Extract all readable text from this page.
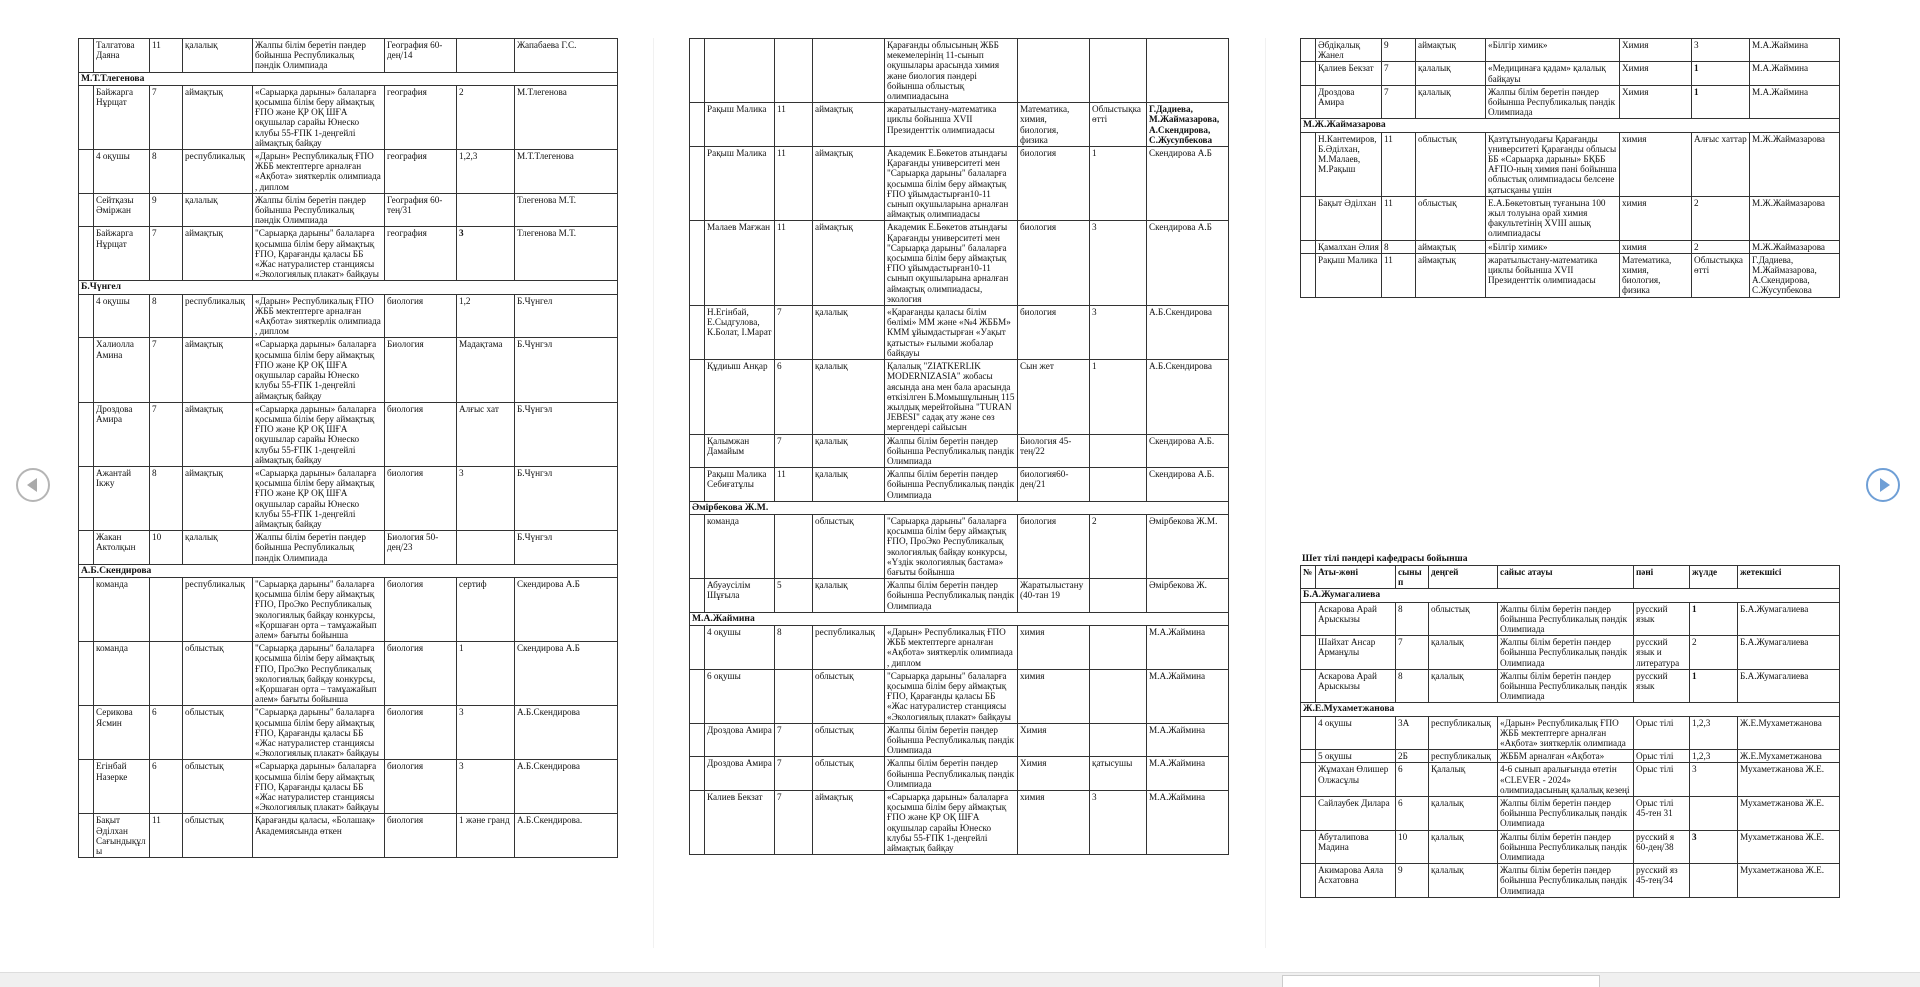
	Талгатова Даяна	11	қалалық	Жалпы білім беретін пәндер бойынша Республикалық пәндік Олимпиада	География 60-дең/14		Жапабаева Г.С.
М.Т.Тлегенова							
	Байжарга Нұрщат	7	аймақтық	«Сарыарқа дарыны» балаларға қосымша білім беру аймақтық ҒПО және ҚР ОҚ ШҒА оқушылар сарайы Юнеско клубы 55-ҒПК 1-деңгейлі аймақтық байқау	география	2	М.Тлегенова
	4 оқушы	8	республикалық	«Дарын» Республикалық ҒПО ЖББ мектептерге арналған «Ақбота» зияткерлік олимпиада , диплом	география	1,2,3	М.Т.Тлегенова
	Сейтқазы Әміржан	9	қалалық	Жалпы білім беретін пәндер бойынша Республикалық пәндік Олимпиада	География 60-тең/31		Тлегенова М.Т.
	Байжарга Нұрщат	7	аймақтық	"Сарыарқа дарыны" балаларға қосымша білім беру аймақтық ҒПО, Қарағанды қаласы ББ «Жас натуралистер станциясы «Экологиялық плакат» байқауы	география	3	Тлегенова М.Т.
Б.Чүнгел							
	4 оқушы	8	республикалық	«Дарын» Республикалық ҒПО ЖББ мектептерге арналған «Ақбота» зияткерлік олимпиада , диплом	биология	1,2	Б.Чүнгел
	Халиолла Амина	7	аймақтық	«Сарыарқа дарыны» балаларға қосымша білім беру аймақтық ҒПО және ҚР ОҚ ШҒА оқушылар сарайы Юнеско клубы 55-ҒПК 1-деңгейлі аймақтық байқау	Биология	Мадақтама	Б.Чүнгэл
	Дроздова Амира	7	аймақтық	«Сарыарқа дарыны» балаларға қосымша білім беру аймақтық ҒПО және ҚР ОҚ ШҒА оқушылар сарайы Юнеско клубы 55-ҒПК 1-деңгейлі аймақтық байқау	биология	Алғыс хат	Б.Чүнгэл
	Ажантай Ікжу	8	аймақтық	«Сарыарқа дарыны» балаларға қосымша білім беру аймақтық ҒПО және ҚР ОҚ ШҒА оқушылар сарайы Юнеско клубы 55-ҒПК 1-деңгейлі аймақтық байқау	биология	3	Б.Чүнгэл
	Жакан Актолқын	10	қалалық	Жалпы білім беретін пәндер бойынша Республикалық пәндік Олимпиада	Биология 50-дең/23		Б.Чүнгэл
А.Б.Скендирова							
	команда		республикалық	"Сарыарқа дарыны" балаларға қосымша білім беру аймақтық ҒПО, ПроЭко Республикалық экологиялық байқау конкурсы, «Қоршаған орта – тамұажайып әлем» бағыты бойынша	биология	сертиф	Скендирова А.Б
	команда		облыстық	"Сарыарқа дарыны" балаларға қосымша білім беру аймақтық ҒПО, ПроЭко Республикалық экологиялық байқау конкурсы, «Қоршаған орта – тамұажайып әлем» бағыты бойынша	биология	1	Скендирова А.Б
	Серикова Ясмин	6	облыстық	"Сарыарқа дарыны" балаларға қосымша білім беру аймақтық ҒПО, Қарағанды қаласы ББ «Жас натуралистер станциясы «Экологиялық плакат» байқауы	биология	3	А.Б.Скендирова
	Егінбай Назерке	6	облыстық	«Сарыарқа дарыны» балаларға қосымша білім беру аймақтық ҒПО, Қарағанды қаласы ББ «Жас натуралистер станциясы «Экологиялық плакат» байқауы	биология	3	А.Б.Скендирова
	Бақыт Әділхан Сағындықұлы	11	облыстық	Қарағанды қаласы, «Болашақ» Академиясында өткен	биология	1 және гранд	А.Б.Скендирова.
				Қарағанды облысының ЖББ мекемелерінің 11-сынып оқушылары арасында химия және биология пәндері бойынша облыстық олимпиадасына			
	Рақыш Малика	11	аймақтық	жаратылыстану-математика циклы бойынша XVII Президенттік олимпиадасы	Математика, химия, биология, физика	Облыстықка өтті	Г.Дадиева, М.Жаймазарова, А.Скендирова, С.Жусупбекова
	Рақыш Малика	11	аймақтық	Академик Е.Бөкетов атындағы Қарағанды университеті мен "Сарыарқа дарыны" балаларға қосымша білім беру аймақтық ҒПО ұйымдастырған10-11 сынып оқушыларына арналған аймақтық олимпиадасы	биология	1	Скендирова А.Б
	Малаев Мағжан	11	аймақтық	Академик Е.Бөкетов атындағы Қарағанды университеті мен "Сарыарқа дарыны" балаларға қосымша білім беру аймақтық ҒПО ұйымдастырған10-11 сынып оқушыларына арналған аймақтық олимпиадасы, экология	биология	3	Скендирова А.Б
	Н.Егінбай, Е.Сыдгулова, К.Болат, І.Марат	7	қалалық	«Қарағанды қаласы білім бөлімі» ММ және «№4 ЖББМ» КММ ұйымдастырған «Уақыт қатысты» ғылыми жобалар байқауы	биология	3	А.Б.Скендирова
	Құдиыш Анқар	6	қалалық	Қалалық "ZIATKERLIK MODERNIZASIA" жобасы аясында ана мен бала арасында өткізілген Б.Момышұлының 115 жылдық мерейтойына "TURAN JEBESI" садақ ату және сөз мергендері сайысын	Сын жет	1	А.Б.Скендирова
	Қалымжан Дамайым	7	қалалық	Жалпы білім беретін пәндер бойынша Республикалық пәндік Олимпиада	Биология 45-тең/22		Скендирова А.Б.
	Рақыш Малика Себиғатұлы	11	қалалық	Жалпы білім беретін пәндер бойынша Республикалық пәндік Олимпиада	биология60-дең/21		Скендирова А.Б.
Әмірбекова Ж.М.							
	команда		облыстық	"Сарыарқа дарыны" балаларға қосымша білім беру аймақтық ҒПО, ПроЭко Республикалық экологиялық байқау конкурсы, «Үздік экологиялық бастама» бағыты бойынша	биология	2	Әмірбекова Ж.М.
	Абуәусілім Шұғыла	5	қалалық	Жалпы білім беретін пәндер бойынша Республикалық пәндік Олимпиада	Жаратылыстану (40-тан 19		Әмірбекова Ж.
М.А.Жаймина							
	4 оқушы	8	республикалық	«Дарын» Республикалық ҒПО ЖББ мектептерге арналған «Ақбота» зияткерлік олимпиада , диплом	химия		М.А.Жаймина
	6 оқушы		облыстық	"Сарыарқа дарыны" балаларға қосымша білім беру аймақтық ҒПО, Қарағанды қаласы ББ «Жас натуралистер станциясы «Экологиялық плакат» байқауы	химия		М.А.Жаймина
	Дроздова Амира	7	облыстық	Жалпы білім беретін пәндер бойынша Республикалық пәндік Олимпиада	Химия		М.А.Жаймина
	Дроздова Амира	7	облыстық	Жалпы білім беретін пәндер бойынша Республикалық пәндік Олимпиада	Химия	қатысушы	М.А.Жаймина
	Калиев Бекзат	7	аймақтық	«Сарыарқа дарыны» балаларға қосымша білім беру аймақтық ҒПО және ҚР ОҚ ШҒА оқушылар сарайы Юнеско клубы 55-ҒПК 1-деңгейлі аймақтық байқау	химия	3	М.А.Жаймина
	Әбдіқалық Жанел	9	аймақтық	«Білгір химик»	Химия	3	М.А.Жаймина
	Қалиев Бекзат	7	қалалық	«Медицинаға қадам» қалалық байқауы	Химия	1	М.А.Жаймина
	Дроздова Амира	7	қалалық	Жалпы білім беретін пәндер бойынша Республикалық пәндік Олимпиада	Химия	1	М.А.Жаймина
М.Ж.Жаймазарова							
	Н.Кантемиров, Б.Әділхан, М.Малаев, М.Рақыш	11	облыстық	Қазтұтынуодағы Қарағанды университеті Қарағанды облысы ББ «Сарыарқа дарыны» БҚББ АҒПО-ның химия пәні бойынша облыстық олимпиадасы белсене қатысқаны үшін	химия	Алғыс хаттар	М.Ж.Жаймазарова
	Бақыт Әділхан	11	облыстық	Е.А.Бөкетовтың туғанына 100 жыл толуына орай химия факультетінің XVIII ашық олимпиадасы	химия	2	М.Ж.Жаймазарова
	Қамалхан Әлия	8	аймақтық	«Білгір химик»	химия	2	М.Ж.Жаймазарова
	Рақыш Малика	11	аймақтық	жаратылыстану-математика циклы бойынша XVII Президенттік олимпиадасы	Математика, химия, биология, физика	Облыстықка өтті	Г.Дадиева, М.Жаймазарова, А.Скендирова, С.Жусупбекова
Шет тілі пәндері кафедрасы бойынша
№	Аты-жөні	сынып	деңгей	сайыс атауы	пәні	жүлде	жетекшісі
Б.А.Жумагалиева							
	Аскарова Арай Арыскызы	8	облыстық	Жалпы білім беретін пәндер бойынша Республикалық пәндік Олимпиада	русский язык	1	Б.А.Жумагалиева
	Шайхат Ансар Арманұлы	7	қалалық	Жалпы білім беретін пәндер бойынша Республикалық пәндік Олимпиада	русский язык и литература	2	Б.А.Жумагалиева
	Аскарова Арай Арыскызы	8	қалалық	Жалпы білім беретін пәндер бойынша Республикалық пәндік Олимпиада	русский язык	1	Б.А.Жумагалиева
Ж.Е.Мухаметжанова							
	4 оқушы	3А	республикалық	«Дарын» Республикалық ҒПО ЖББ мектептерге арналған «Ақбота» зияткерлік олимпиада	Орыс тілі	1,2,3	Ж.Е.Мухаметжанова
	5 оқушы	2Б	республикалық	ЖББМ арналған «Ақбота»	Орыс тілі	1,2,3	Ж.Е.Мухаметжанова
	Жұмахан Өлишер Олжасұлы	6	Қалалық	4-6 сынып аралығында өтетін «CLEVER - 2024» олимпиадасының қалалық кезеңі	Орыс тілі	3	Мухаметжанова Ж.Е.
	Сайлаубек Дилара	6	қалалық	Жалпы білім беретін пәндер бойынша Республикалық пәндік Олимпиада	Орыс тілі 45-тен 31		Мухаметжанова Ж.Е.
	Абуталипова Мадина	10	қалалық	Жалпы білім беретін пәндер бойынша Республикалық пәндік Олимпиада	русский я 60-дең/38	3	Мухаметжанова Ж.Е.
	Акимарова Аяла Асхатовна	9	қалалық	Жалпы білім беретін пәндер бойынша Республикалық пәндік Олимпиада	русский яз 45-тең/34		Мухаметжанова Ж.Е.
